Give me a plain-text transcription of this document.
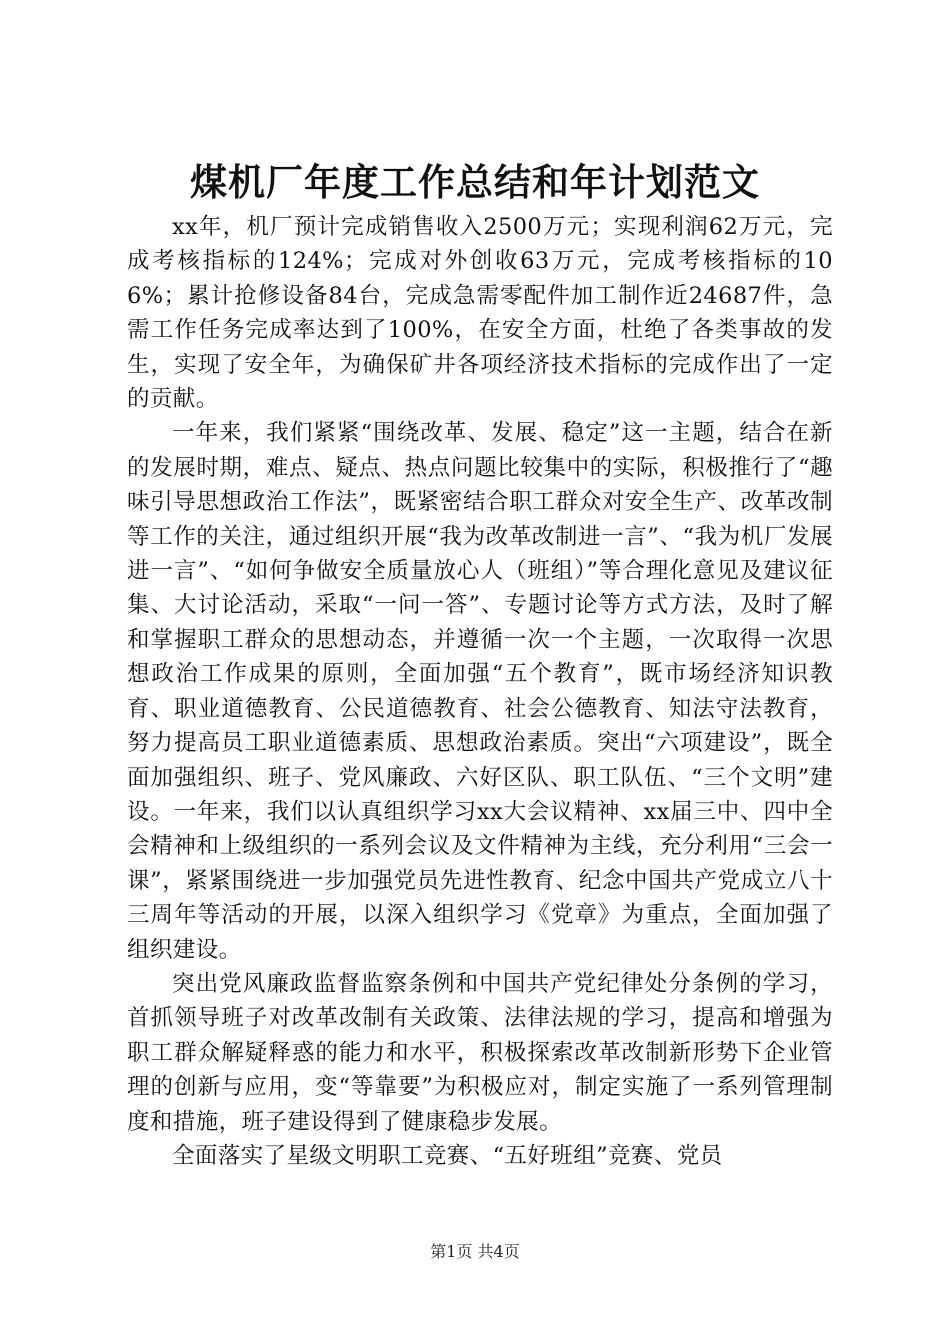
煤机厂年度工作总结和年计划范文

xx年，机厂预计完成销售收入2500万元；实现利润62万元，完成考核指标的124%；完成对外创收63万元，完成考核指标的106%；累计抢修设备84台，完成急需零配件加工制作近24687件，急需工作任务完成率达到了100%，在安全方面，杜绝了各类事故的发生，实现了安全年，为确保矿井各项经济技术指标的完成作出了一定的贡献。

一年来，我们紧紧“围绕改革、发展、稳定”这一主题，结合在新的发展时期，难点、疑点、热点问题比较集中的实际，积极推行了“趣味引导思想政治工作法”，既紧密结合职工群众对安全生产、改革改制等工作的关注，通过组织开展“我为改革改制进一言”、“我为机厂发展进一言”、“如何争做安全质量放心人（班组）”等合理化意见及建议征集、大讨论活动，采取“一问一答”、专题讨论等方式方法，及时了解和掌握职工群众的思想动态，并遵循一次一个主题，一次取得一次思想政治工作成果的原则，全面加强“五个教育”，既市场经济知识教育、职业道德教育、公民道德教育、社会公德教育、知法守法教育，努力提高员工职业道德素质、思想政治素质。突出“六项建设”，既全面加强组织、班子、党风廉政、六好区队、职工队伍、“三个文明”建设。一年来，我们以认真组织学习xx大会议精神、xx届三中、四中全会精神和上级组织的一系列会议及文件精神为主线，充分利用“三会一课”，紧紧围绕进一步加强党员先进性教育、纪念中国共产党成立八十三周年等活动的开展，以深入组织学习《党章》为重点，全面加强了组织建设。

突出党风廉政监督监察条例和中国共产党纪律处分条例的学习，首抓领导班子对改革改制有关政策、法律法规的学习，提高和增强为职工群众解疑释惑的能力和水平，积极探索改革改制新形势下企业管理的创新与应用，变“等靠要”为积极应对，制定实施了一系列管理制度和措施，班子建设得到了健康稳步发展。

全面落实了星级文明职工竞赛、“五好班组”竞赛、党员

第1页 共4页
